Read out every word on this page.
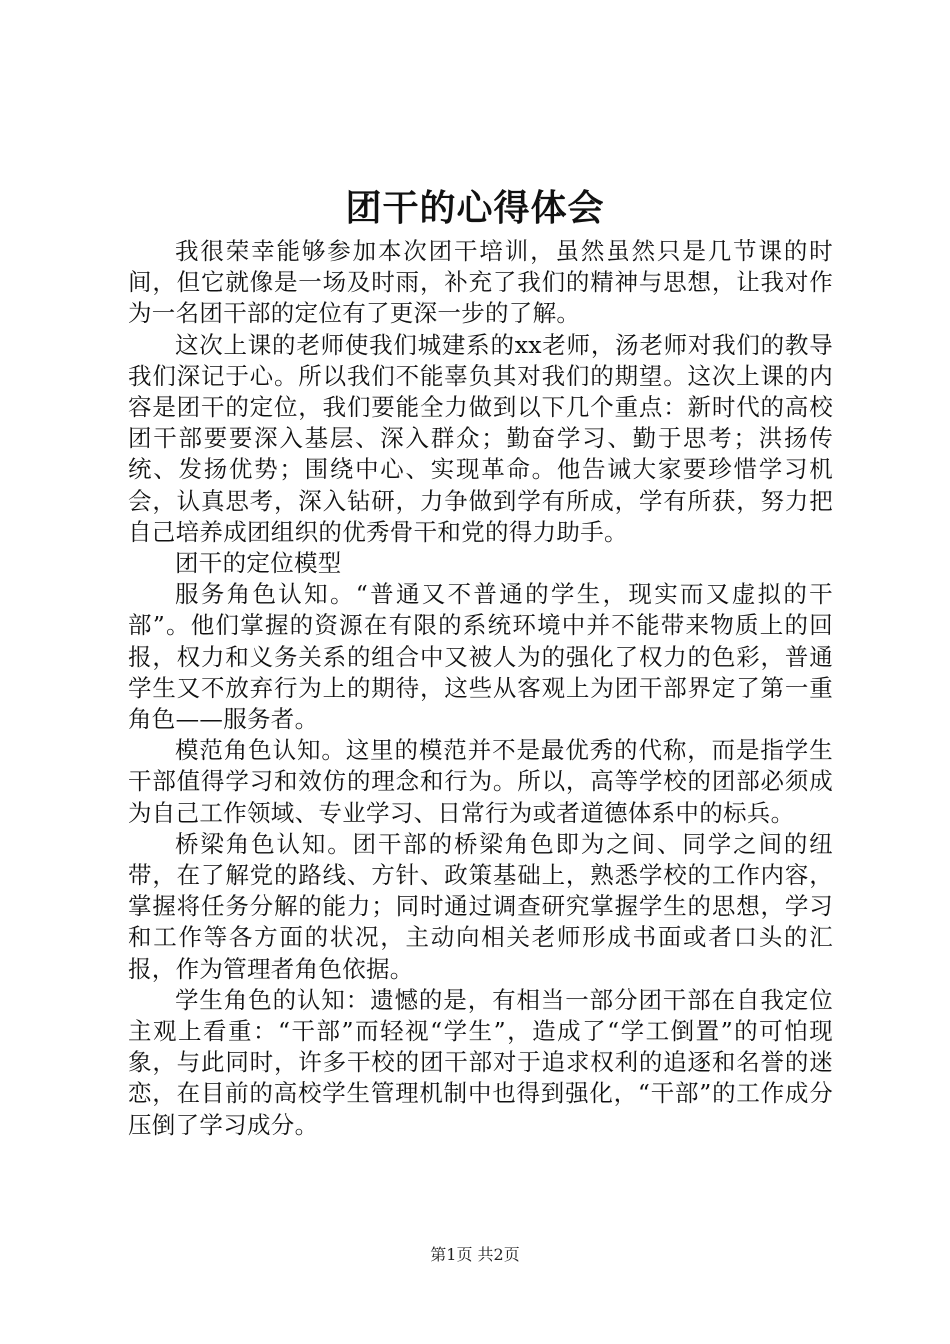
团干的心得体会

我很荣幸能够参加本次团干培训，虽然虽然只是几节课的时间，但它就像是一场及时雨，补充了我们的精神与思想，让我对作为一名团干部的定位有了更深一步的了解。

这次上课的老师使我们城建系的xx老师，汤老师对我们的教导我们深记于心。所以我们不能辜负其对我们的期望。这次上课的内容是团干的定位，我们要能全力做到以下几个重点：新时代的高校团干部要要深入基层、深入群众；勤奋学习、勤于思考；洪扬传统、发扬优势；围绕中心、实现革命。他告诫大家要珍惜学习机会，认真思考，深入钻研，力争做到学有所成，学有所获，努力把自己培养成团组织的优秀骨干和党的得力助手。

团干的定位模型

服务角色认知。“普通又不普通的学生，现实而又虚拟的干部”。他们掌握的资源在有限的系统环境中并不能带来物质上的回报，权力和义务关系的组合中又被人为的强化了权力的色彩，普通学生又不放弃行为上的期待，这些从客观上为团干部界定了第一重角色——服务者。

模范角色认知。这里的模范并不是最优秀的代称，而是指学生干部值得学习和效仿的理念和行为。所以，高等学校的团部必须成为自己工作领域、专业学习、日常行为或者道德体系中的标兵。

桥梁角色认知。团干部的桥梁角色即为之间、同学之间的纽带，在了解党的路线、方针、政策基础上，熟悉学校的工作内容，掌握将任务分解的能力；同时通过调查研究掌握学生的思想，学习和工作等各方面的状况，主动向相关老师形成书面或者口头的汇报，作为管理者角色依据。

学生角色的认知：遗憾的是，有相当一部分团干部在自我定位主观上看重：“干部”而轻视“学生”，造成了“学工倒置”的可怕现象，与此同时，许多干校的团干部对于追求权利的追逐和名誉的迷恋，在目前的高校学生管理机制中也得到强化，“干部”的工作成分压倒了学习成分。

第1页 共2页
